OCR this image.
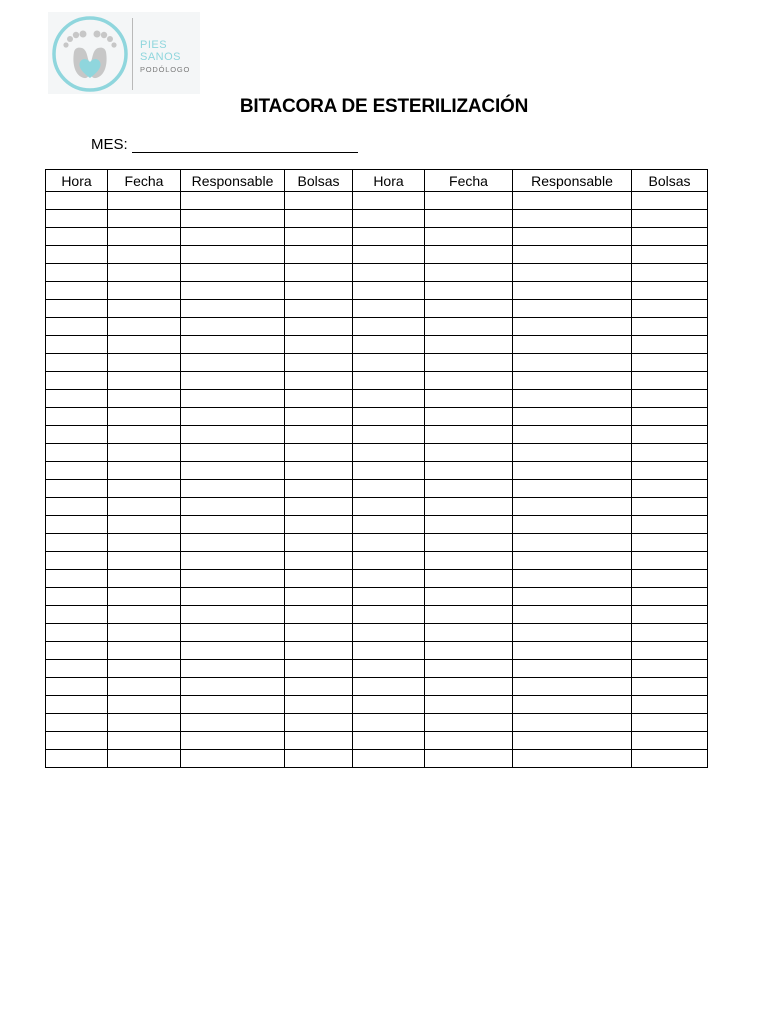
PIES
SANOS
PODÓLOGO
BITACORA DE ESTERILIZACIÓN
MES:
Hora	Fecha	Responsable	Bolsas	Hora	Fecha	Responsable	Bolsas
